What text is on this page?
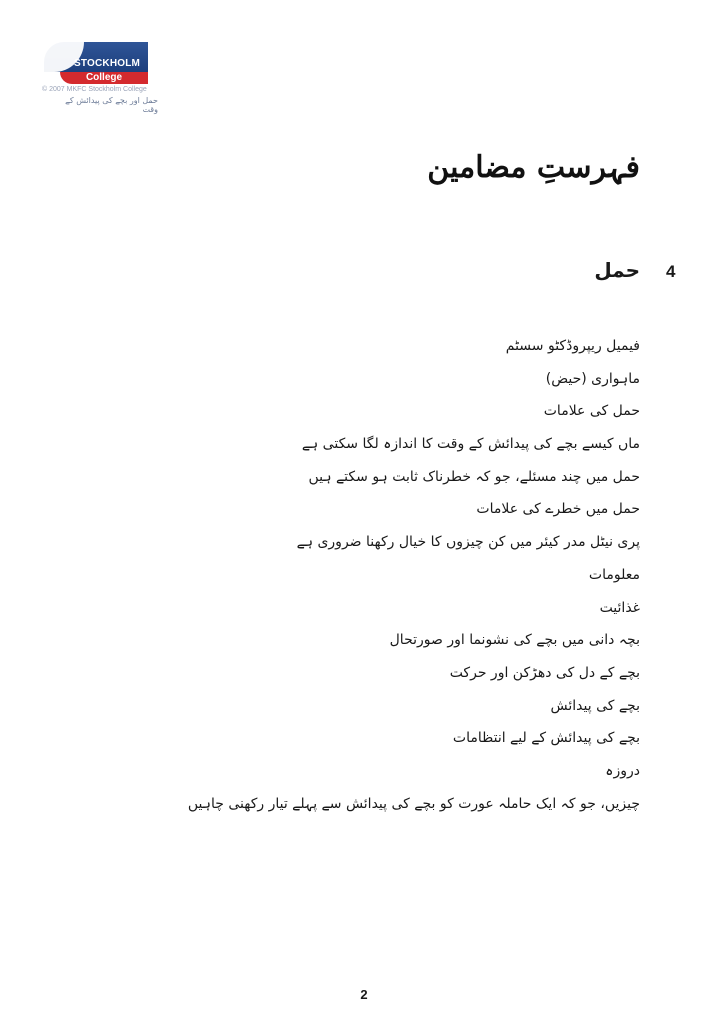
STOCKHOLM
College
© 2007 MKFC Stockholm College
حمل اور بچے کی پیدائش کے وقت
فہرستِ مضامین
4
حمل
فیمیل ریپروڈکٹو سسٹم
ماہواری (حیض)
حمل کی علامات
ماں کیسے بچے کی پیدائش کے وقت کا اندازہ لگا سکتی ہے
حمل میں چند مسئلے، جو کہ خطرناک ثابت ہو سکتے ہیں
حمل میں خطرے کی علامات
پری نیٹل مدر کیئر میں کن چیزوں کا خیال رکھنا ضروری ہے
معلومات
غذائیت
بچہ دانی میں بچے کی نشونما اور صورتحال
بچے کے دل کی دھڑکن اور حرکت
بچے کی پیدائش
بچے کی پیدائش کے لیے انتظامات
دروزہ
چیزیں، جو کہ ایک حاملہ عورت کو بچے کی پیدائش سے پہلے تیار رکھنی چاہیں
2
